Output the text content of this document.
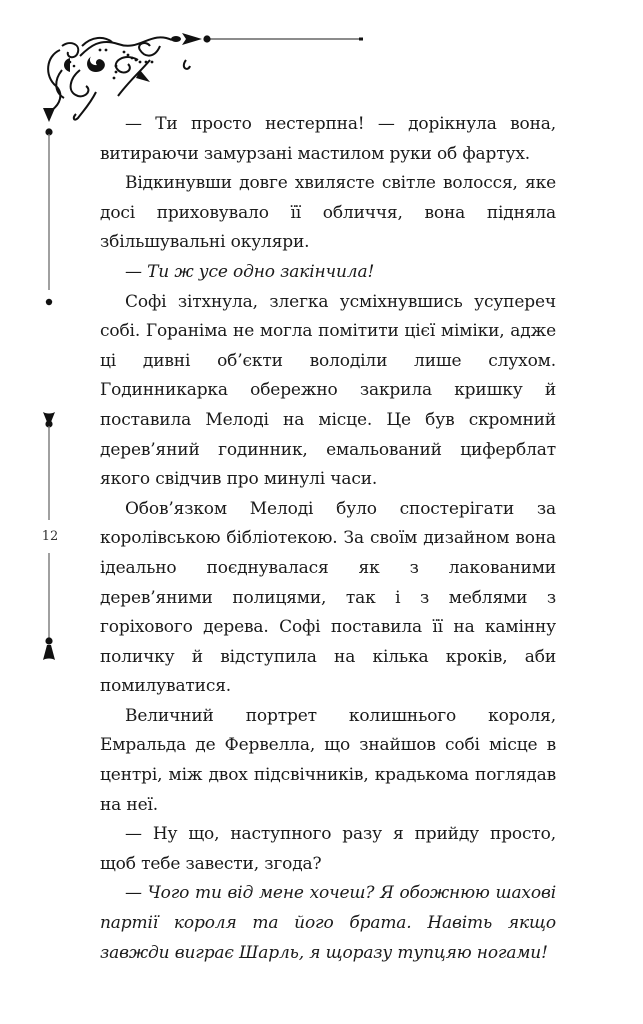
12

— Ти просто нестерпна! — дорікнула вона, витираючи замурзані мастилом руки об фартух.

Відкинувши довге хвилясте світле волосся, яке досі приховувало її обличчя, вона підняла збільшувальні окуляри.

— Ти ж усе одно закінчила!

Софі зітхнула, злегка усміхнувшись усупереч собі. Гораніма не могла помітити цієї міміки, адже ці дивні об’єкти володіли лише слухом. Годинникарка обережно закрила кришку й поставила Мелоді на місце. Це був скромний дерев’яний годинник, емальований циферблат якого свідчив про минулі часи.

Обов’язком Мелоді було спостерігати за королівською бібліотекою. За своїм дизайном вона ідеально поєднувалася як з лакованими дерев’яними полицями, так і з меблями з горіхового дерева. Софі поставила її на камінну поличку й відступила на кілька кроків, аби помилуватися.

Величний портрет колишнього короля, Емральда де Фервелла, що знайшов собі місце в центрі, між двох підсвічників, крадькома поглядав на неї.

— Ну що, наступного разу я прийду просто, щоб тебе завести, згода?

— Чого ти від мене хочеш? Я обожнюю шахові партії короля та його брата. Навіть якщо завжди виграє Шарль, я щоразу тупцяю ногами!
